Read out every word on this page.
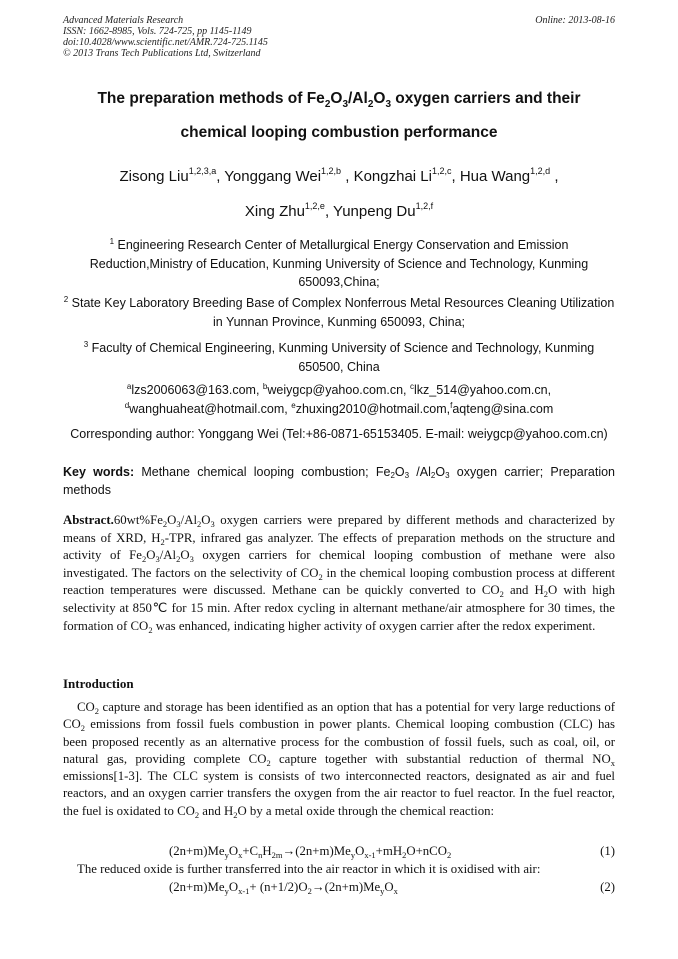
Advanced Materials Research
ISSN: 1662-8985, Vols. 724-725, pp 1145-1149
doi:10.4028/www.scientific.net/AMR.724-725.1145
© 2013 Trans Tech Publications Ltd, Switzerland
Online: 2013-08-16
The preparation methods of $Fe_2O_3/Al_2O_3$ oxygen carriers and their
chemical looping combustion performance
Zisong Liu$^{1,2,3,a}$, Yonggang Wei$^{1,2,b}$ , Kongzhai Li$^{1,2,c}$, Hua Wang$^{1,2,d}$ ,
Xing Zhu$^{1,2,e}$, Yunpeng Du$^{1,2,f}$
$^1$ Engineering Research Center of Metallurgical Energy Conservation and Emission
Reduction,Ministry of Education, Kunming University of Science and Technology, Kunming
650093,China;
$^2$ State Key Laboratory Breeding Base of Complex Nonferrous Metal Resources Cleaning Utilization
in Yunnan Province, Kunming 650093, China;
$^3$ Faculty of Chemical Engineering, Kunming University of Science and Technology, Kunming
650500, China
$^a$lzs2006063@163.com, $^b$weiygcp@yahoo.com.cn, $^c$lkz_514@yahoo.com.cn,
$^d$wanghuaheat@hotmail.com, $^e$zhuxing2010@hotmail.com,$^f$aqteng@sina.com
Corresponding author: Yonggang Wei (Tel:+86-0871-65153405. E-mail: weiygcp@yahoo.com.cn)
Key words: Methane chemical looping combustion; $Fe_2O_3$ $/Al_2O_3$ oxygen carrier; Preparation methods
$Abstract.60wt\%Fe_2O_3/Al_2O_3$ oxygen carriers were prepared by different methods and characterized by means of XRD, $H_2$-TPR, infrared gas analyzer. The effects of preparation methods on the structure and activity of $Fe_2O_3/Al_2O_3$ oxygen carriers for chemical looping combustion of methane were also investigated. The factors on the selectivity of $CO_2$ in the chemical looping combustion process at different reaction temperatures were discussed. Methane can be quickly converted to $CO_2$ and $H_2O$ with high selectivity at 850℃ for 15 min. After redox cycling in alternant methane/air atmosphere for 30 times, the formation of $CO_2$ was enhanced, indicating higher activity of oxygen carrier after the redox experiment.
Introduction

$CO_2$ capture and storage has been identified as an option that has a potential for very large reductions of $CO_2$ emissions from fossil fuels combustion in power plants. Chemical looping combustion (CLC) has been proposed recently as an alternative process for the combustion of fossil fuels, such as coal, oil, or natural gas, providing complete $CO_2$ capture together with substantial reduction of thermal $NO_x$ emissions[1-3]. The CLC system is consists of two interconnected reactors, designated as air and fuel reactors, and an oxygen carrier transfers the oxygen from the air reactor to fuel reactor. In the fuel reactor, the fuel is oxidated to $CO_2$ and $H_2O$ by a metal oxide through the chemical reaction:

$(2n+m)Me_yO_x+C_nH_{2m}\to(2n+m)Me_yO_{x-1}+mH_2O+nCO_2$	(1)
The reduced oxide is further transferred into the air reactor in which it is oxidised with air:
$(2n+m)Me_yO_{x-1}+ (n+1/2)O_2\to(2n+m)Me_yO_x$	(2)
